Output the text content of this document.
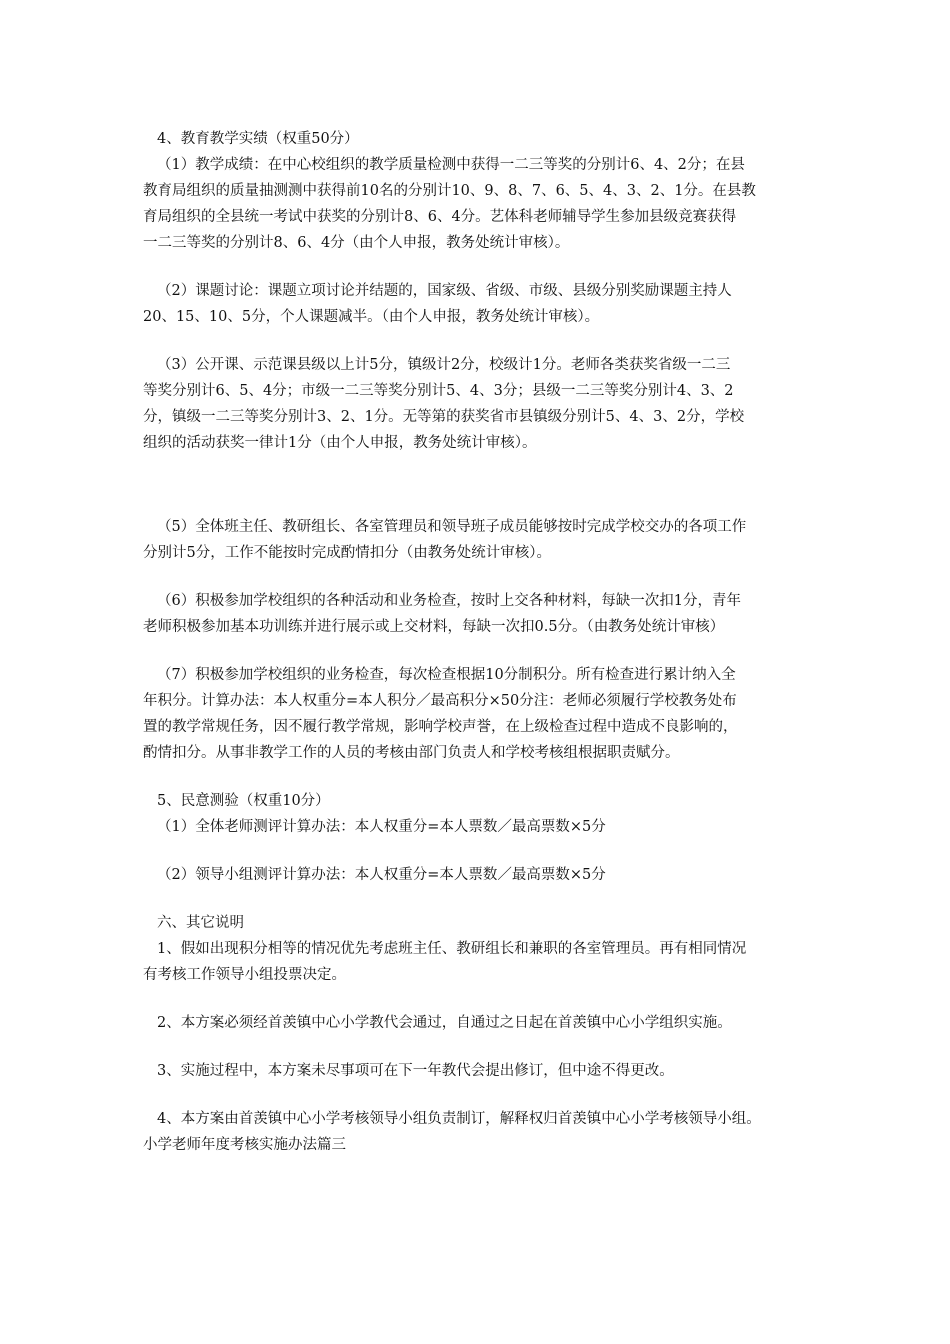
4、教育教学实绩（权重50分）
（1）教学成绩：在中心校组织的教学质量检测中获得一二三等奖的分别计6、4、2分；在县
教育局组织的质量抽测测中获得前10名的分别计10、9、8、7、6、5、4、3、2、1分。在县教
育局组织的全县统一考试中获奖的分别计8、6、4分。艺体科老师辅导学生参加县级竞赛获得
一二三等奖的分别计8、6、4分（由个人申报，教务处统计审核）。
（2）课题讨论：课题立项讨论并结题的，国家级、省级、市级、县级分别奖励课题主持人
20、15、10、5分，个人课题减半。（由个人申报，教务处统计审核）。
（3）公开课、示范课县级以上计5分，镇级计2分，校级计1分。老师各类获奖省级一二三
等奖分别计6、5、4分；市级一二三等奖分别计5、4、3分；县级一二三等奖分别计4、3、2
分，镇级一二三等奖分别计3、2、1分。无等第的获奖省市县镇级分别计5、4、3、2分，学校
组织的活动获奖一律计1分（由个人申报，教务处统计审核）。
（5）全体班主任、教研组长、各室管理员和领导班子成员能够按时完成学校交办的各项工作
分别计5分，工作不能按时完成酌情扣分（由教务处统计审核）。
（6）积极参加学校组织的各种活动和业务检查，按时上交各种材料，每缺一次扣1分，青年
老师积极参加基本功训练并进行展示或上交材料，每缺一次扣0.5分。（由教务处统计审核）
（7）积极参加学校组织的业务检查，每次检查根据10分制积分。所有检查进行累计纳入全
年积分。计算办法：本人权重分=本人积分／最高积分×50分注：老师必须履行学校教务处布
置的教学常规任务，因不履行教学常规，影响学校声誉，在上级检查过程中造成不良影响的，
酌情扣分。从事非教学工作的人员的考核由部门负责人和学校考核组根据职责赋分。
5、民意测验（权重10分）
（1）全体老师测评计算办法：本人权重分=本人票数／最高票数×5分
（2）领导小组测评计算办法：本人权重分=本人票数／最高票数×5分
六、其它说明
1、假如出现积分相等的情况优先考虑班主任、教研组长和兼职的各室管理员。再有相同情况
有考核工作领导小组投票决定。
2、本方案必须经首羡镇中心小学教代会通过，自通过之日起在首羡镇中心小学组织实施。
3、实施过程中，本方案未尽事项可在下一年教代会提出修订，但中途不得更改。
4、本方案由首羡镇中心小学考核领导小组负责制订，解释权归首羡镇中心小学考核领导小组。
小学老师年度考核实施办法篇三
